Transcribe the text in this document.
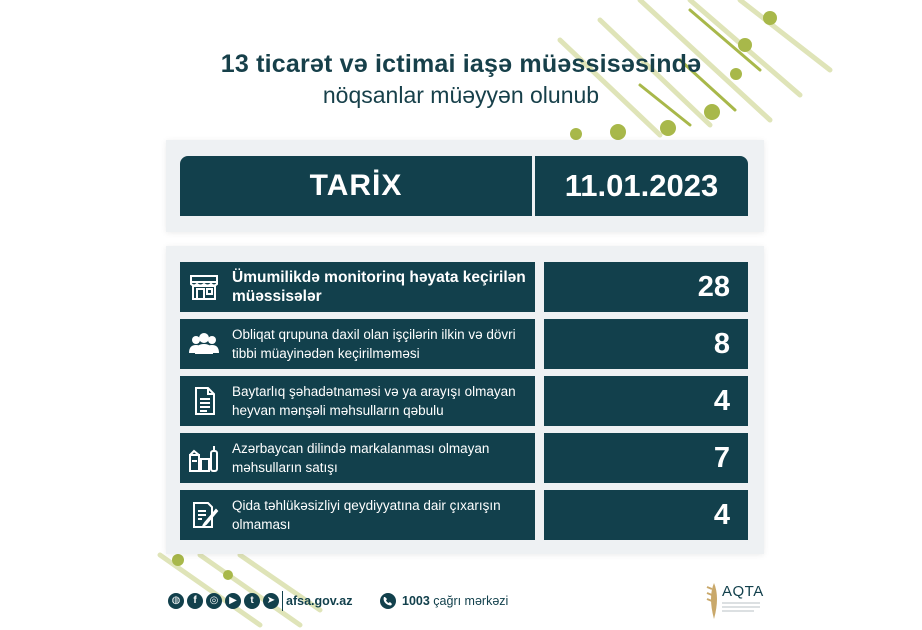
13 ticarət və ictimai iaşə müəssisəsində
nöqsanlar müəyyən olunub
TARİX	11.01.2023
Ümumilikdə monitorinq həyata keçirilən müəssisələr	28
Obliqat qrupuna daxil olan işçilərin ilkin və dövri tibbi müayinədən keçirilməməsi	8
Baytarlıq şəhadətnaməsi və ya arayışı olmayan heyvan mənşəli məhsulların qəbulu	4
Azərbaycan dilində markalanması olmayan məhsulların satışı	7
Qida təhlükəsizliyi qeydiyyatına dair çıxarışın olmaması	4
◍	f	◎	▶	t	➤ afsa.gov.az	1003 çağrı mərkəzi
AQTA
